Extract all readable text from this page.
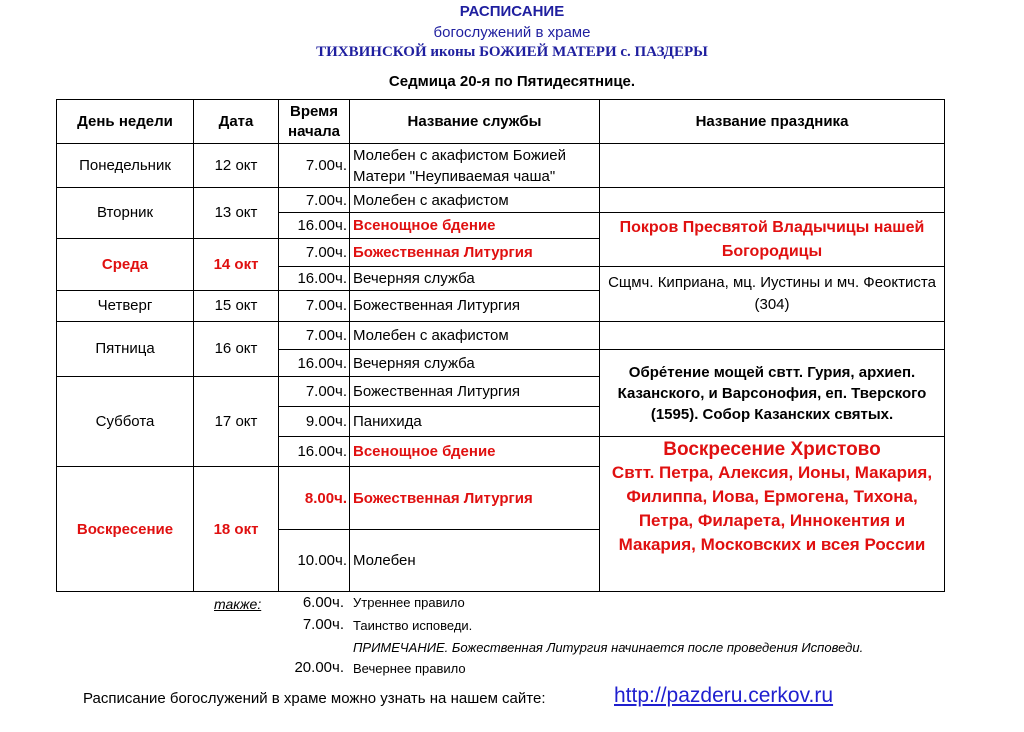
РАСПИСАНИЕ
богослужений в храме
ТИХВИНСКОЙ иконы БОЖИЕЙ МАТЕРИ с. ПАЗДЕРЫ
Седмица 20-я по Пятидесятнице.
День недели	Дата	Время начала	Название службы	Название праздника
Понедельник	12 окт	7.00ч.	Молебен с акафистом Божией Матери "Неупиваемая чаша"	
Вторник	13 окт	7.00ч.	Молебен с акафистом	
		16.00ч.	Всенощное бдение	Покров Пресвятой Владычицы нашей Богородицы
Среда	14 окт	7.00ч.	Божественная Литургия	
		16.00ч.	Вечерняя служба	Сщмч. Киприана, мц. Иустины и мч. Феоктиста (304)
Четверг	15 окт	7.00ч.	Божественная Литургия	
Пятница	16 окт	7.00ч.	Молебен с акафистом	
		16.00ч.	Вечерняя служба	Обре́тение мощей свтт. Гурия, архиеп. Казанского, и Варсонофия, еп. Тверского (1595). Собор Казанских святых.
Суббота	17 окт	7.00ч.	Божественная Литургия	
		9.00ч.	Панихида	
		16.00ч.	Всенощное бдение	Воскресение Христово
Свтт. Петра, Алексия, Ионы, Макария, Филиппа, Иова, Ермогена, Тихона, Петра, Филарета, Иннокентия и Макария, Московских и всея России

Воскресение	18 окт	8.00ч.	Божественная Литургия	
		10.00ч.	Молебен	
также:	6.00ч. Утреннее правило
7.00ч. Таинство исповеди.
ПРИМЕЧАНИЕ. Божественная Литургия начинается после проведения Исповеди.
20.00ч. Вечернее правило
Расписание богослужений в храме можно узнать на нашем сайте:	http://pazderu.cerkov.ru
